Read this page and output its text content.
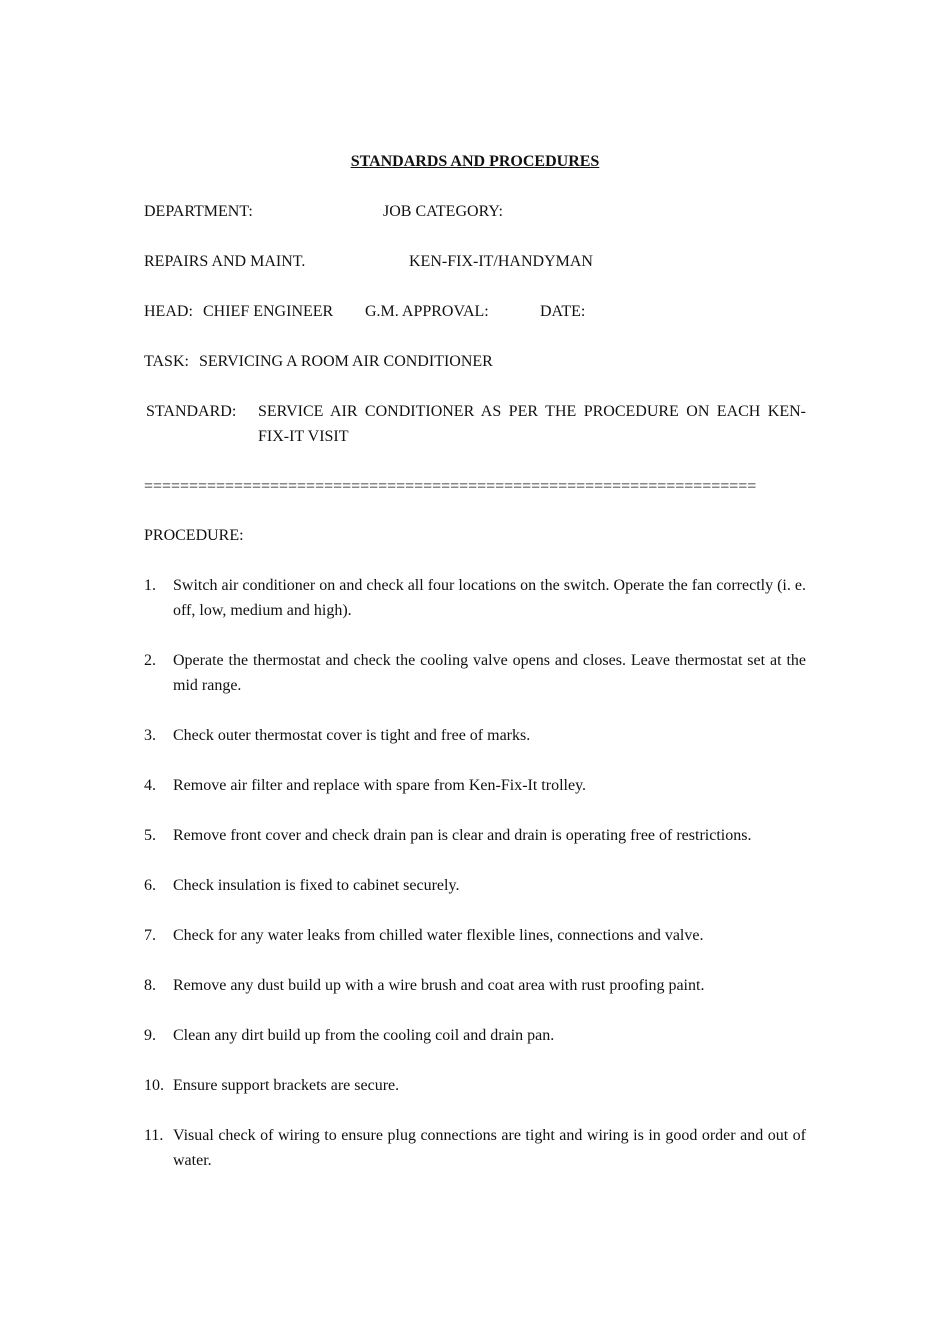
STANDARDS AND PROCEDURES
DEPARTMENT:	JOB CATEGORY:
REPAIRS AND MAINT.	KEN-FIX-IT/HANDYMAN
HEAD: CHIEF ENGINEER G.M. APPROVAL:	DATE:
TASK: SERVICING A ROOM AIR CONDITIONER
STANDARD: SERVICE AIR CONDITIONER AS PER THE PROCEDURE ON EACH KEN-FIX-IT VISIT
====================================================================
PROCEDURE:
1. Switch air conditioner on and check all four locations on the switch. Operate the fan correctly (i. e. off, low, medium and high).
2. Operate the thermostat and check the cooling valve opens and closes. Leave thermostat set at the mid range.
3. Check outer thermostat cover is tight and free of marks.
4. Remove air filter and replace with spare from Ken-Fix-It trolley.
5. Remove front cover and check drain pan is clear and drain is operating free of restrictions.
6. Check insulation is fixed to cabinet securely.
7. Check for any water leaks from chilled water flexible lines, connections and valve.
8. Remove any dust build up with a wire brush and coat area with rust proofing paint.
9. Clean any dirt build up from the cooling coil and drain pan.
10. Ensure support brackets are secure.
11. Visual check of wiring to ensure plug connections are tight and wiring is in good order and out of water.
